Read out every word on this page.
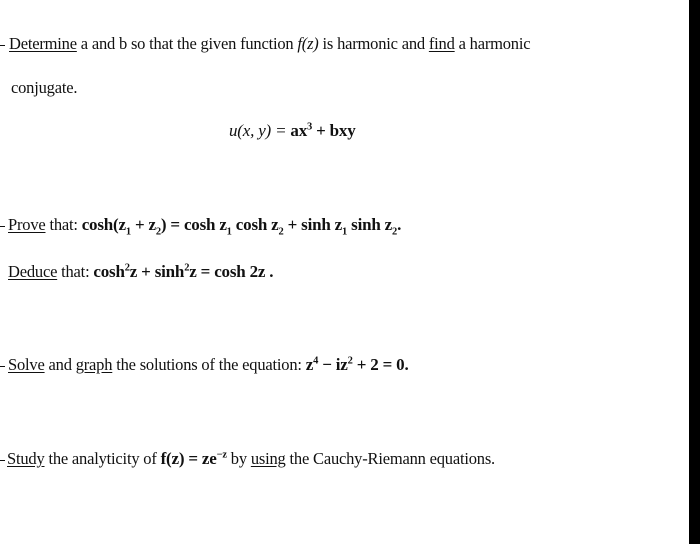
Determine a and b so that the given function f(z) is harmonic and find a harmonic
conjugate.
u(x, $y) = ax^3$ + bxy
Prove that: $\cosh(z_1 + z_2) = \cosh z_1$ $\cosh z_2 + \sinh z_1$ $\sinh z_2$.
Deduce that: $\cosh^2z + \sinh^2z = \cosh 2z$ .
Solve and graph the solutions of the equation: $z^4 - iz^2 + 2 = 0$.
Study the analyticity of $f(z) = ze^{-z}$ by using the Cauchy-Riemann equations.
